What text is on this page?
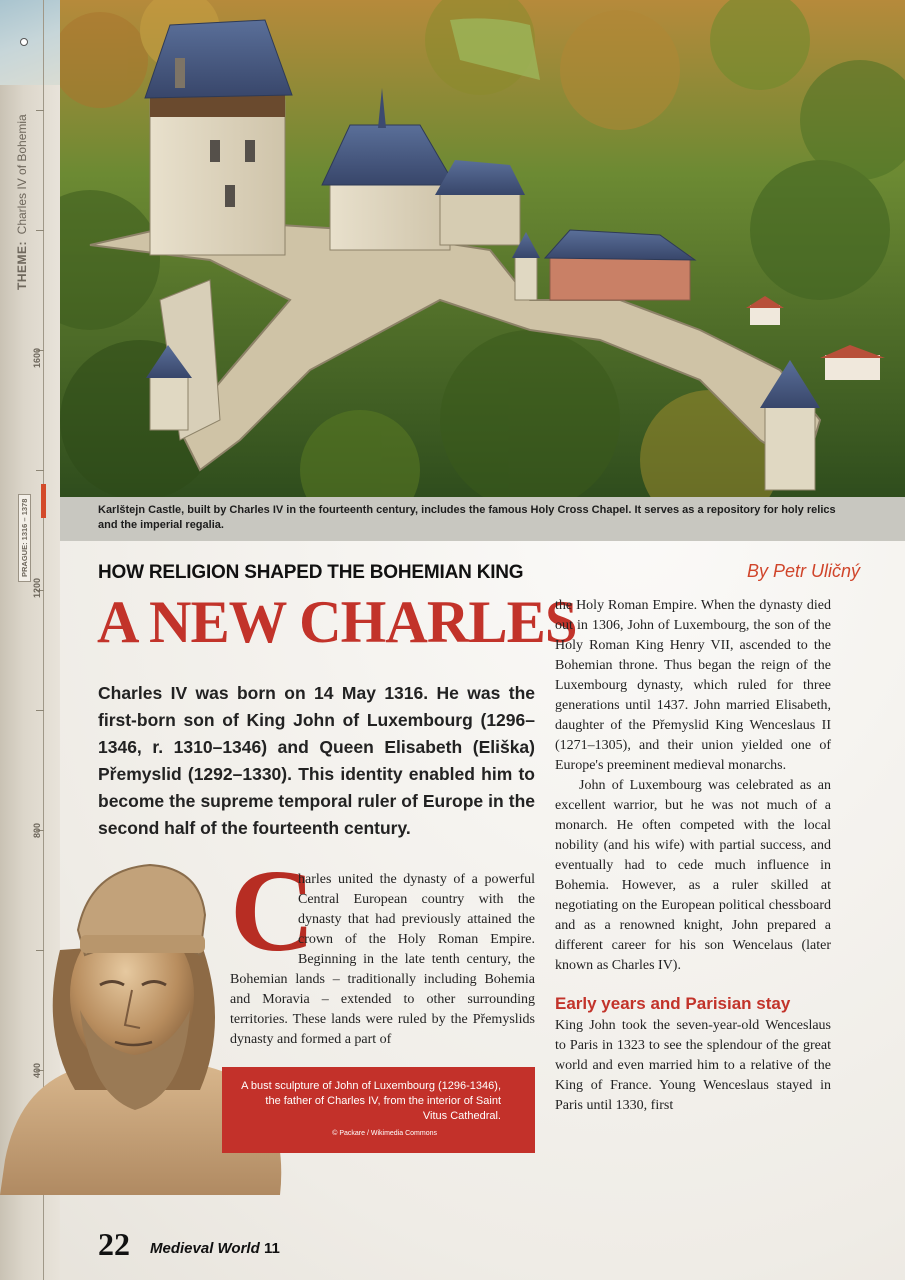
THEME:  Charles IV of Bohemia
1600
PRAGUE: 1316 – 1378
1200
800
400
Karlštejn Castle, built by Charles IV in the fourteenth century, includes the famous Holy Cross Chapel. It serves as a repository for holy relics and the imperial regalia.
HOW RELIGION SHAPED THE BOHEMIAN KING
A NEW CHARLES
By Petr Uličný
Charles IV was born on 14 May 1316. He was the first-born son of King John of Luxembourg (1296–1346, r. 1310–1346) and Queen Elisabeth (Eliška) Přemyslid (1292–1330). This identity enabled him to become the supreme temporal ruler of Europe in the second half of the fourteenth century.

the Holy Roman Empire. When the dynasty died out in 1306, John of Luxembourg, the son of the Holy Roman King Henry VII, ascended to the Bohemian throne. Thus began the reign of the Luxembourg dynasty, which ruled for three generations until 1437. John married Elisabeth, daughter of the Přemyslid King Wenceslaus II (1271–1305), and their union yielded one of Europe's preeminent medieval monarchs.

John of Luxembourg was celebrated as an excellent warrior, but he was not much of a monarch. He often competed with the local nobility (and his wife) with partial success, and eventually had to cede much influence in Bohemia. However, as a ruler skilled at negotiating on the European political chessboard and as a renowned knight, John prepared a different career for his son Wencelaus (later known as Charles IV).

Early years and Parisian stay

King John took the seven-year-old Wenceslaus to Paris in 1323 to see the splendour of the great world and even married him to a relative of the King of France. Young Wenceslaus stayed in Paris until 1330, first

C

harles united the dynasty of a powerful Central European country with the dynasty that had previously attained the crown of the Holy Roman Empire. Beginning in the late tenth century, the Bohemian lands – traditionally including Bohemia and Moravia – extended to other surrounding territories. These lands were ruled by the Přemyslids dynasty and formed a part of

A bust sculpture of John of Luxembourg (1296-1346), the father of Charles IV, from the interior of Saint Vitus Cathedral.
© Packare / Wikimedia Commons
22 Medieval World 11
